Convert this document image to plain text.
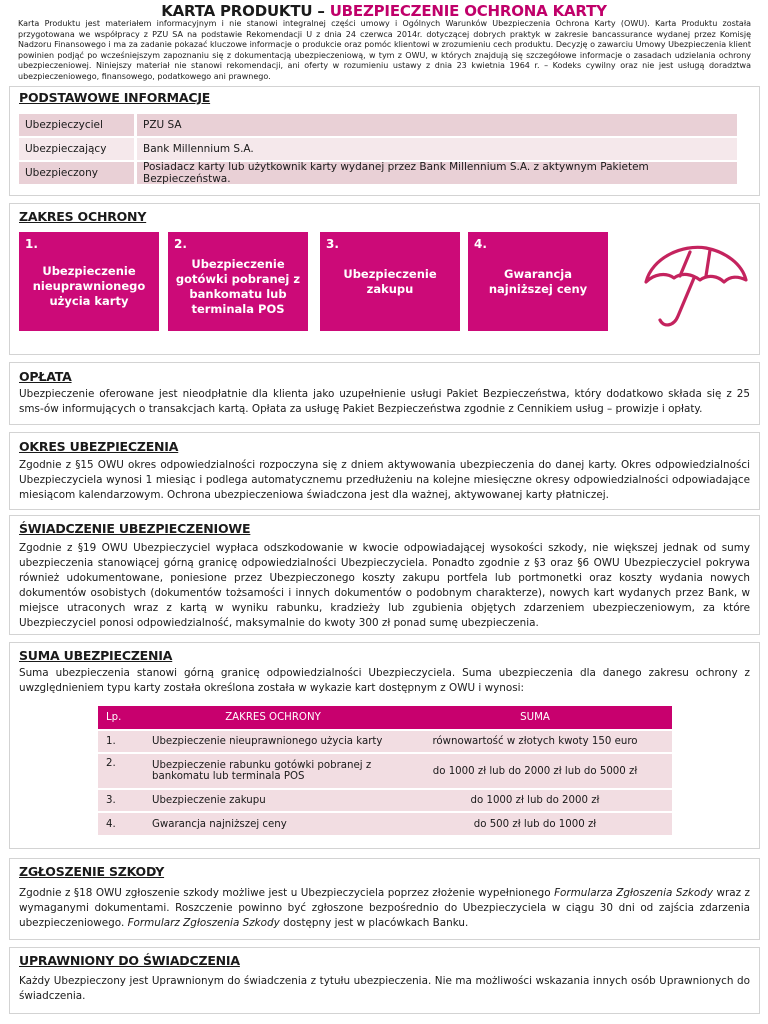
KARTA PRODUKTU – UBEZPIECZENIE OCHRONA KARTY
Karta Produktu jest materiałem informacyjnym i nie stanowi integralnej części umowy i Ogólnych Warunków Ubezpieczenia Ochrona Karty (OWU). Karta Produktu została przygotowana we współpracy z PZU SA na podstawie Rekomendacji U z dnia 24 czerwca 2014r. dotyczącej dobrych praktyk w zakresie bancassurance wydanej przez Komisję Nadzoru Finansowego i ma za zadanie pokazać kluczowe informacje o produkcie oraz pomóc klientowi w zrozumieniu cech produktu. Decyzję o zawarciu Umowy Ubezpieczenia klient powinien podjąć po wcześniejszym zapoznaniu się z dokumentacją ubezpieczeniową, w tym z OWU, w których znajdują się szczegółowe informacje o zasadach udzielania ochrony ubezpieczeniowej. Niniejszy materiał nie stanowi rekomendacji, ani oferty w rozumieniu ustawy z dnia 23 kwietnia 1964 r. – Kodeks cywilny oraz nie jest usługą doradztwa ubezpieczeniowego, finansowego, podatkowego ani prawnego.
PODSTAWOWE INFORMACJE
Ubezpieczyciel	PZU SA
Ubezpieczający	Bank Millennium S.A.
Ubezpieczony	Posiadacz karty lub użytkownik karty wydanej przez Bank Millennium S.A. z aktywnym Pakietem Bezpieczeństwa.
ZAKRES OCHRONY
1.
Ubezpieczenie nieuprawnionego użycia karty
2.
Ubezpieczenie gotówki pobranej z bankomatu lub terminala POS
3.
Ubezpieczenie zakupu
4.
Gwarancja najniższej ceny
OPŁATA
Ubezpieczenie oferowane jest nieodpłatnie dla klienta jako uzupełnienie usługi Pakiet Bezpieczeństwa, który dodatkowo składa się z 25 sms-ów informujących o transakcjach kartą. Opłata za usługę Pakiet Bezpieczeństwa zgodnie z Cennikiem usług – prowizje i opłaty.
OKRES UBEZPIECZENIA
Zgodnie z §15 OWU okres odpowiedzialności rozpoczyna się z dniem aktywowania ubezpieczenia do danej karty. Okres odpowiedzialności Ubezpieczyciela wynosi 1 miesiąc i podlega automatycznemu przedłużeniu na kolejne miesięczne okresy odpowiedzialności odpowiadające miesiącom kalendarzowym. Ochrona ubezpieczeniowa świadczona jest dla ważnej, aktywowanej karty płatniczej.
ŚWIADCZENIE UBEZPIECZENIOWE
Zgodnie z §19 OWU Ubezpieczyciel wypłaca odszkodowanie w kwocie odpowiadającej wysokości szkody, nie większej jednak od sumy ubezpieczenia stanowiącej górną granicę odpowiedzialności Ubezpieczyciela. Ponadto zgodnie z §3 oraz §6 OWU Ubezpieczyciel pokrywa również udokumentowane, poniesione przez Ubezpieczonego koszty zakupu portfela lub portmonetki oraz koszty wydania nowych dokumentów osobistych (dokumentów tożsamości i innych dokumentów o podobnym charakterze), nowych kart wydanych przez Bank, w miejsce utraconych wraz z kartą w wyniku rabunku, kradzieży lub zgubienia objętych zdarzeniem ubezpieczeniowym, za które Ubezpieczyciel ponosi odpowiedzialność, maksymalnie do kwoty 300 zł ponad sumę ubezpieczenia.
SUMA UBEZPIECZENIA
Suma ubezpieczenia stanowi górną granicę odpowiedzialności Ubezpieczyciela. Suma ubezpieczenia dla danego zakresu ochrony z uwzględnieniem typu karty została określona została w wykazie kart dostępnym z OWU i wynosi:
Lp.	ZAKRES OCHRONY	SUMA
1.	Ubezpieczenie nieuprawnionego użycia karty	równowartość w złotych kwoty 150 euro
2.	Ubezpieczenie rabunku gotówki pobranej z bankomatu lub terminala POS	do 1000 zł lub do 2000 zł lub do 5000 zł
3.	Ubezpieczenie zakupu	do 1000 zł lub do 2000 zł
4.	Gwarancja najniższej ceny	do 500 zł lub do 1000 zł
ZGŁOSZENIE SZKODY
Zgodnie z §18 OWU zgłoszenie szkody możliwe jest u Ubezpieczyciela poprzez złożenie wypełnionego Formularza Zgłoszenia Szkody wraz z wymaganymi dokumentami. Roszczenie powinno być zgłoszone bezpośrednio do Ubezpieczyciela w ciągu 30 dni od zajścia zdarzenia ubezpieczeniowego. Formularz Zgłoszenia Szkody dostępny jest w placówkach Banku.
UPRAWNIONY DO ŚWIADCZENIA
Każdy Ubezpieczony jest Uprawnionym do świadczenia z tytułu ubezpieczenia. Nie ma możliwości wskazania innych osób Uprawnionych do świadczenia.
